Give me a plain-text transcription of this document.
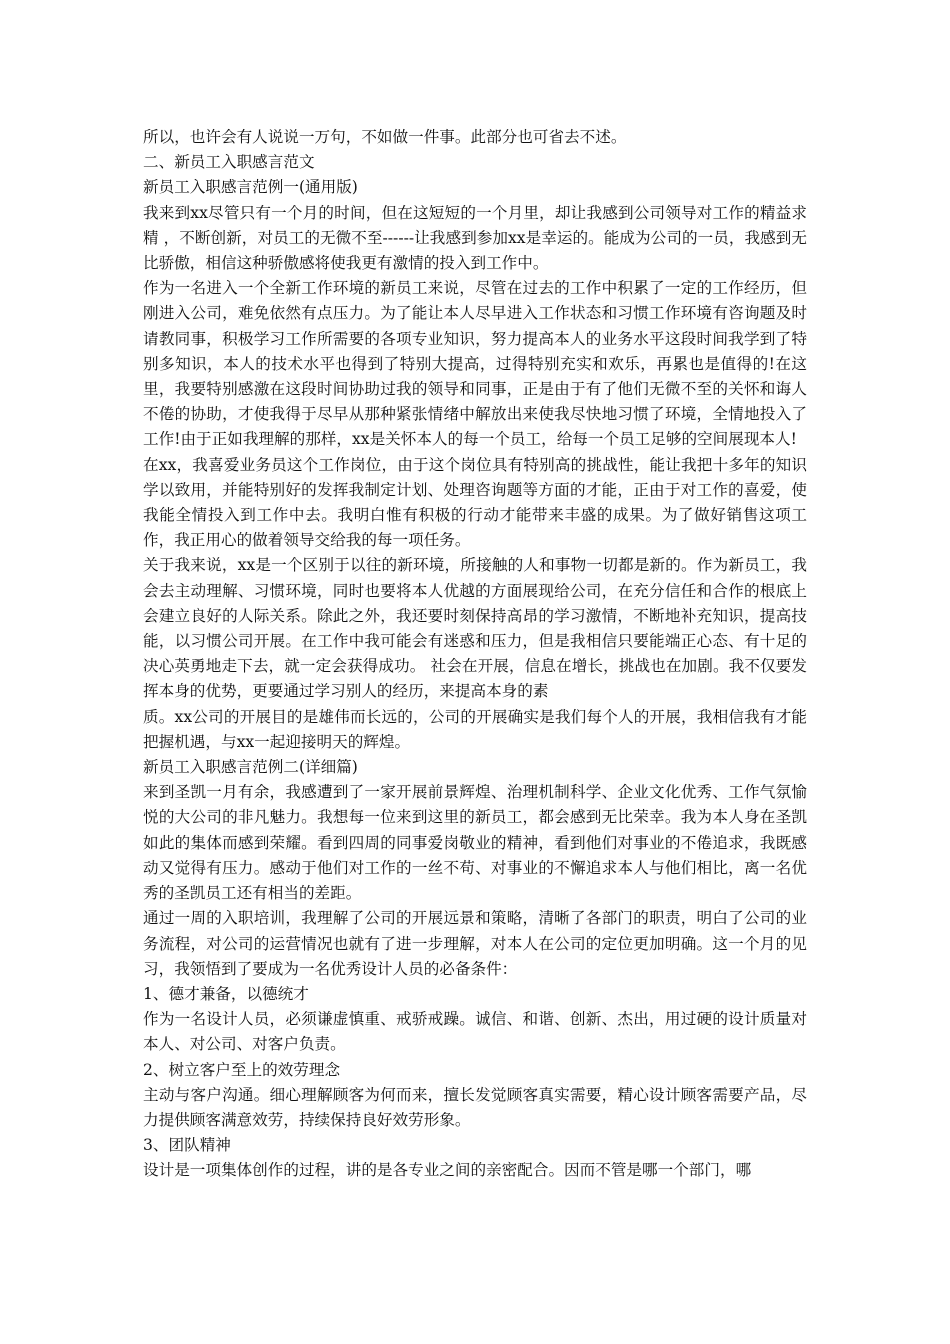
所以，也许会有人说说一万句，不如做一件事。此部分也可省去不述。

二、新员工入职感言范文

新员工入职感言范例一(通用版)

我来到xx尽管只有一个月的时间，但在这短短的一个月里，却让我感到公司领导对工作的精益求精 ，不断创新，对员工的无微不至------让我感到参加xx是幸运的。能成为公司的一员，我感到无比骄傲，相信这种骄傲感将使我更有激情的投入到工作中。

作为一名进入一个全新工作环境的新员工来说，尽管在过去的工作中积累了一定的工作经历，但刚进入公司，难免依然有点压力。为了能让本人尽早进入工作状态和习惯工作环境有咨询题及时请教同事，积极学习工作所需要的各项专业知识，努力提高本人的业务水平这段时间我学到了特别多知识，本人的技术水平也得到了特别大提高，过得特别充实和欢乐，再累也是值得的!在这里，我要特别感激在这段时间协助过我的领导和同事，正是由于有了他们无微不至的关怀和诲人不倦的协助，才使我得于尽早从那种紧张情绪中解放出来使我尽快地习惯了环境，全情地投入了工作!由于正如我理解的那样，xx是关怀本人的每一个员工，给每一个员工足够的空间展现本人!

在xx，我喜爱业务员这个工作岗位，由于这个岗位具有特别高的挑战性，能让我把十多年的知识学以致用，并能特别好的发挥我制定计划、处理咨询题等方面的才能，正由于对工作的喜爱，使我能全情投入到工作中去。我明白惟有积极的行动才能带来丰盛的成果。为了做好销售这项工作，我正用心的做着领导交给我的每一项任务。

关于我来说，xx是一个区别于以往的新环境，所接触的人和事物一切都是新的。作为新员工，我会去主动理解、习惯环境，同时也要将本人优越的方面展现给公司，在充分信任和合作的根底上会建立良好的人际关系。除此之外，我还要时刻保持高昂的学习激情，不断地补充知识，提高技能，以习惯公司开展。在工作中我可能会有迷惑和压力，但是我相信只要能端正心态、有十足的决心英勇地走下去，就一定会获得成功。 社会在开展，信息在增长，挑战也在加剧。我不仅要发挥本身的优势，更要通过学习别人的经历，来提高本身的素

质。xx公司的开展目的是雄伟而长远的，公司的开展确实是我们每个人的开展，我相信我有才能把握机遇，与xx一起迎接明天的辉煌。

新员工入职感言范例二(详细篇)

来到圣凯一月有余，我感遭到了一家开展前景辉煌、治理机制科学、企业文化优秀、工作气氛愉悦的大公司的非凡魅力。我想每一位来到这里的新员工，都会感到无比荣幸。我为本人身在圣凯如此的集体而感到荣耀。看到四周的同事爱岗敬业的精神，看到他们对事业的不倦追求，我既感动又觉得有压力。感动于他们对工作的一丝不苟、对事业的不懈追求本人与他们相比，离一名优秀的圣凯员工还有相当的差距。

通过一周的入职培训，我理解了公司的开展远景和策略，清晰了各部门的职责，明白了公司的业务流程，对公司的运营情况也就有了进一步理解，对本人在公司的定位更加明确。这一个月的见习，我领悟到了要成为一名优秀设计人员的必备条件：

1、德才兼备，以德统才

作为一名设计人员，必须谦虚慎重、戒骄戒躁。诚信、和谐、创新、杰出，用过硬的设计质量对本人、对公司、对客户负责。

2、树立客户至上的效劳理念

主动与客户沟通。细心理解顾客为何而来，擅长发觉顾客真实需要，精心设计顾客需要产品，尽力提供顾客满意效劳，持续保持良好效劳形象。

3、团队精神

设计是一项集体创作的过程，讲的是各专业之间的亲密配合。因而不管是哪一个部门，哪
